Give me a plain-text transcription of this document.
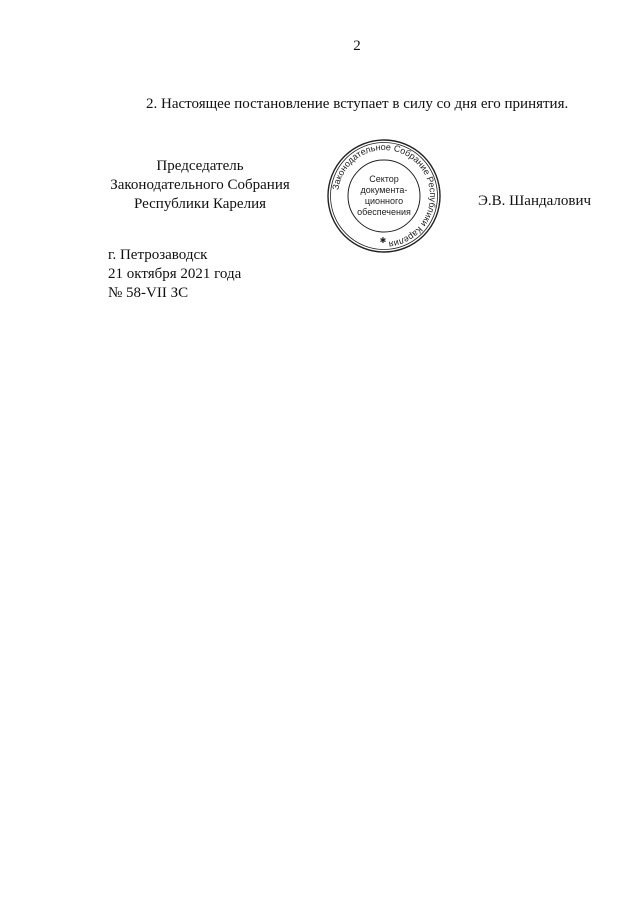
2
2. Настоящее постановление вступает в силу со дня его принятия.
Председатель
Законодательного Собрания
Республики Карелия
Законодательное Собрание Республики Карелия
✱
Сектор
документа-
ционного
обеспечения
Э.В. Шандалович
г. Петрозаводск
21 октября 2021 года
№ 58-VII ЗС
